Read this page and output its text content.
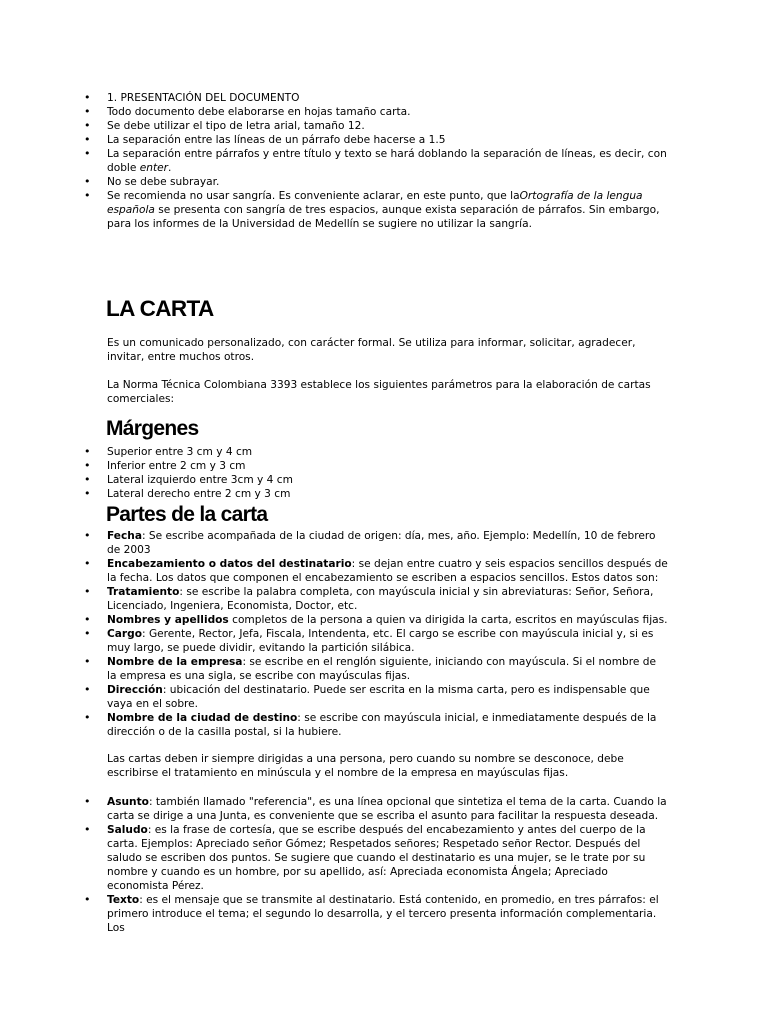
• 1. PRESENTACIÓN DEL DOCUMENTO
• Todo documento debe elaborarse en hojas tamaño carta.
• Se debe utilizar el tipo de letra arial, tamaño 12.
• La separación entre las líneas de un párrafo debe hacerse a 1.5
• La separación entre párrafos y entre título y texto se hará doblando la separación de líneas, es decir, con doble enter.
• No se debe subrayar.
• Se recomienda no usar sangría. Es conveniente aclarar, en este punto, que laOrtografía de la lengua española se presenta con sangría de tres espacios, aunque exista separación de párrafos. Sin embargo, para los informes de la Universidad de Medellín se sugiere no utilizar la sangría.
LA CARTA

Es un comunicado personalizado, con carácter formal. Se utiliza para informar, solicitar, agradecer, invitar, entre muchos otros.

La Norma Técnica Colombiana 3393 establece los siguientes parámetros para la elaboración de cartas comerciales:

Márgenes
• Superior entre 3 cm y 4 cm
• Inferior entre 2 cm y 3 cm
• Lateral izquierdo entre 3cm y 4 cm
• Lateral derecho entre 2 cm y 3 cm
Partes de la carta
• Fecha: Se escribe acompañada de la ciudad de origen: día, mes, año. Ejemplo: Medellín, 10 de febrero de 2003
• Encabezamiento o datos del destinatario: se dejan entre cuatro y seis espacios sencillos después de la fecha. Los datos que componen el encabezamiento se escriben a espacios sencillos. Estos datos son:
• Tratamiento: se escribe la palabra completa, con mayúscula inicial y sin abreviaturas: Señor, Señora, Licenciado, Ingeniera, Economista, Doctor, etc.
• Nombres y apellidos completos de la persona a quien va dirigida la carta, escritos en mayúsculas fijas.
• Cargo: Gerente, Rector, Jefa, Fiscala, Intendenta, etc. El cargo se escribe con mayúscula inicial y, si es muy largo, se puede dividir, evitando la partición silábica.
• Nombre de la empresa: se escribe en el renglón siguiente, iniciando con mayúscula. Si el nombre de la empresa es una sigla, se escribe con mayúsculas fijas.
• Dirección: ubicación del destinatario. Puede ser escrita en la misma carta, pero es indispensable que vaya en el sobre.
• Nombre de la ciudad de destino: se escribe con mayúscula inicial, e inmediatamente después de la dirección o de la casilla postal, si la hubiere.

Las cartas deben ir siempre dirigidas a una persona, pero cuando su nombre se desconoce, debe escribirse el tratamiento en minúscula y el nombre de la empresa en mayúsculas fijas.

• Asunto: también llamado "referencia", es una línea opcional que sintetiza el tema de la carta. Cuando la carta se dirige a una Junta, es conveniente que se escriba el asunto para facilitar la respuesta deseada.
• Saludo: es la frase de cortesía, que se escribe después del encabezamiento y antes del cuerpo de la carta. Ejemplos: Apreciado señor Gómez; Respetados señores; Respetado señor Rector. Después del saludo se escriben dos puntos. Se sugiere que cuando el destinatario es una mujer, se le trate por su nombre y cuando es un hombre, por su apellido, así: Apreciada economista Ángela; Apreciado economista Pérez.
• Texto: es el mensaje que se transmite al destinatario. Está contenido, en promedio, en tres párrafos: el primero introduce el tema; el segundo lo desarrolla, y el tercero presenta información complementaria. Los
